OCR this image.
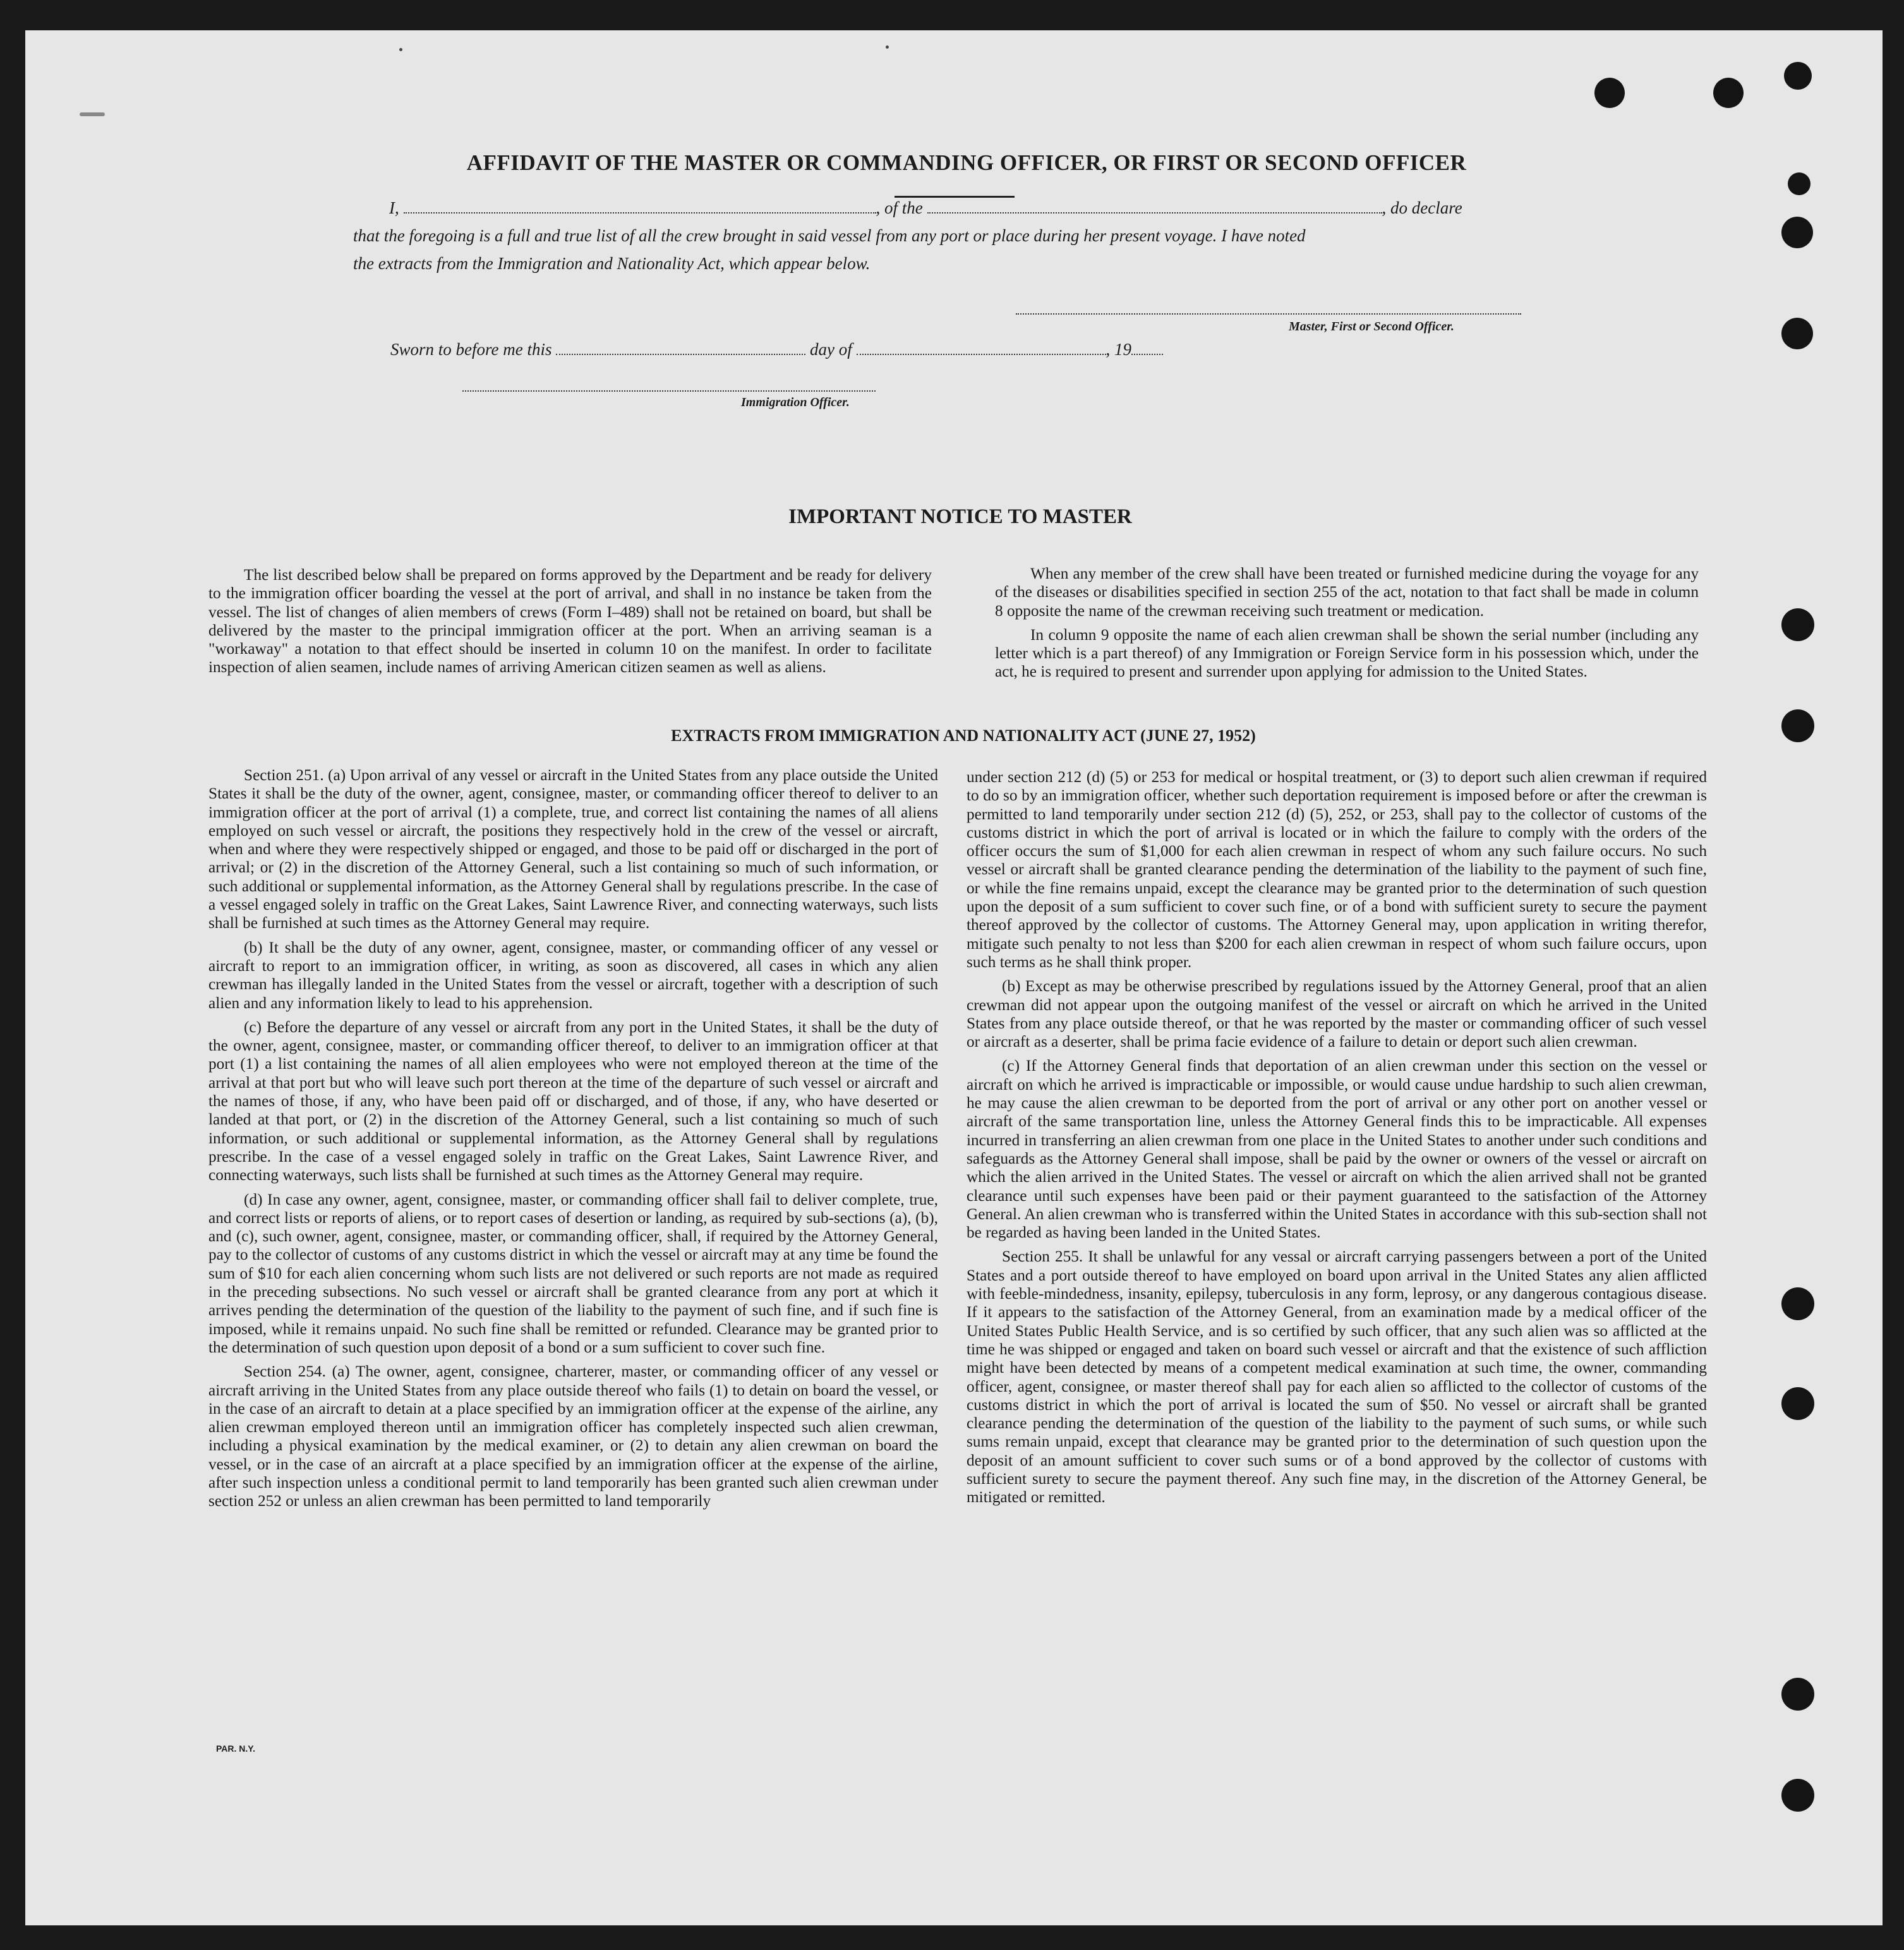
AFFIDAVIT OF THE MASTER OR COMMANDING OFFICER, OR FIRST OR SECOND OFFICER
I,	, of the	, do declare
that the foregoing is a full and true list of all the crew brought in said vessel from any port or place during her present voyage. I have noted
the extracts from the Immigration and Nationality Act, which appear below.
Master, First or Second Officer.
Sworn to before me this	day of	, 19
Immigration Officer.
IMPORTANT NOTICE TO MASTER

The list described below shall be prepared on forms approved by the Department and be ready for delivery to the immigration officer boarding the vessel at the port of arrival, and shall in no instance be taken from the vessel. The list of changes of alien members of crews (Form I–489) shall not be retained on board, but shall be delivered by the master to the principal immigration officer at the port. When an arriving seaman is a "workaway" a notation to that effect should be inserted in column 10 on the manifest. In order to facilitate inspection of alien seamen, include names of arriving American citizen seamen as well as aliens.

When any member of the crew shall have been treated or furnished medicine during the voyage for any of the diseases or disabilities specified in section 255 of the act, notation to that fact shall be made in column 8 opposite the name of the crewman receiving such treatment or medication.

In column 9 opposite the name of each alien crewman shall be shown the serial number (including any letter which is a part thereof) of any Immigration or Foreign Service form in his possession which, under the act, he is required to present and surrender upon applying for admission to the United States.

EXTRACTS FROM IMMIGRATION AND NATIONALITY ACT (JUNE 27, 1952)

Section 251. (a) Upon arrival of any vessel or aircraft in the United States from any place outside the United States it shall be the duty of the owner, agent, consignee, master, or commanding officer thereof to deliver to an immigration officer at the port of arrival (1) a complete, true, and correct list containing the names of all aliens employed on such vessel or aircraft, the positions they respectively hold in the crew of the vessel or aircraft, when and where they were respectively shipped or engaged, and those to be paid off or discharged in the port of arrival; or (2) in the discretion of the Attorney General, such a list containing so much of such information, or such additional or supplemental information, as the Attorney General shall by regulations prescribe. In the case of a vessel engaged solely in traffic on the Great Lakes, Saint Lawrence River, and connecting waterways, such lists shall be furnished at such times as the Attorney General may require.

(b) It shall be the duty of any owner, agent, consignee, master, or commanding officer of any vessel or aircraft to report to an immigration officer, in writing, as soon as discovered, all cases in which any alien crewman has illegally landed in the United States from the vessel or aircraft, together with a description of such alien and any information likely to lead to his apprehension.

(c) Before the departure of any vessel or aircraft from any port in the United States, it shall be the duty of the owner, agent, consignee, master, or commanding officer thereof, to deliver to an immigration officer at that port (1) a list containing the names of all alien employees who were not employed thereon at the time of the arrival at that port but who will leave such port thereon at the time of the departure of such vessel or aircraft and the names of those, if any, who have been paid off or discharged, and of those, if any, who have deserted or landed at that port, or (2) in the discretion of the Attorney General, such a list containing so much of such information, or such additional or supplemental information, as the Attorney General shall by regulations prescribe. In the case of a vessel engaged solely in traffic on the Great Lakes, Saint Lawrence River, and connecting waterways, such lists shall be furnished at such times as the Attorney General may require.

(d) In case any owner, agent, consignee, master, or commanding officer shall fail to deliver complete, true, and correct lists or reports of aliens, or to report cases of desertion or landing, as required by sub-sections (a), (b), and (c), such owner, agent, consignee, master, or commanding officer, shall, if required by the Attorney General, pay to the collector of customs of any customs district in which the vessel or aircraft may at any time be found the sum of $10 for each alien concerning whom such lists are not delivered or such reports are not made as required in the preceding subsections. No such vessel or aircraft shall be granted clearance from any port at which it arrives pending the determination of the question of the liability to the payment of such fine, and if such fine is imposed, while it remains unpaid. No such fine shall be remitted or refunded. Clearance may be granted prior to the determination of such question upon deposit of a bond or a sum sufficient to cover such fine.

Section 254. (a) The owner, agent, consignee, charterer, master, or commanding officer of any vessel or aircraft arriving in the United States from any place outside thereof who fails (1) to detain on board the vessel, or in the case of an aircraft to detain at a place specified by an immigration officer at the expense of the airline, any alien crewman employed thereon until an immigration officer has completely inspected such alien crewman, including a physical examination by the medical examiner, or (2) to detain any alien crewman on board the vessel, or in the case of an aircraft at a place specified by an immigration officer at the expense of the airline, after such inspection unless a conditional permit to land temporarily has been granted such alien crewman under section 252 or unless an alien crewman has been permitted to land temporarily

under section 212 (d) (5) or 253 for medical or hospital treatment, or (3) to deport such alien crewman if required to do so by an immigration officer, whether such deportation requirement is imposed before or after the crewman is permitted to land temporarily under section 212 (d) (5), 252, or 253, shall pay to the collector of customs of the customs district in which the port of arrival is located or in which the failure to comply with the orders of the officer occurs the sum of $1,000 for each alien crewman in respect of whom any such failure occurs. No such vessel or aircraft shall be granted clearance pending the determination of the liability to the payment of such fine, or while the fine remains unpaid, except the clearance may be granted prior to the determination of such question upon the deposit of a sum sufficient to cover such fine, or of a bond with sufficient surety to secure the payment thereof approved by the collector of customs. The Attorney General may, upon application in writing therefor, mitigate such penalty to not less than $200 for each alien crewman in respect of whom such failure occurs, upon such terms as he shall think proper.

(b) Except as may be otherwise prescribed by regulations issued by the Attorney General, proof that an alien crewman did not appear upon the outgoing manifest of the vessel or aircraft on which he arrived in the United States from any place outside thereof, or that he was reported by the master or commanding officer of such vessel or aircraft as a deserter, shall be prima facie evidence of a failure to detain or deport such alien crewman.

(c) If the Attorney General finds that deportation of an alien crewman under this section on the vessel or aircraft on which he arrived is impracticable or impossible, or would cause undue hardship to such alien crewman, he may cause the alien crewman to be deported from the port of arrival or any other port on another vessel or aircraft of the same transportation line, unless the Attorney General finds this to be impracticable. All expenses incurred in transferring an alien crewman from one place in the United States to another under such conditions and safeguards as the Attorney General shall impose, shall be paid by the owner or owners of the vessel or aircraft on which the alien arrived in the United States. The vessel or aircraft on which the alien arrived shall not be granted clearance until such expenses have been paid or their payment guaranteed to the satisfaction of the Attorney General. An alien crewman who is transferred within the United States in accordance with this sub-section shall not be regarded as having been landed in the United States.

Section 255. It shall be unlawful for any vessal or aircraft carrying passengers between a port of the United States and a port outside thereof to have employed on board upon arrival in the United States any alien afflicted with feeble-mindedness, insanity, epilepsy, tuberculosis in any form, leprosy, or any dangerous contagious disease. If it appears to the satisfaction of the Attorney General, from an examination made by a medical officer of the United States Public Health Service, and is so certified by such officer, that any such alien was so afflicted at the time he was shipped or engaged and taken on board such vessel or aircraft and that the existence of such affliction might have been detected by means of a competent medical examination at such time, the owner, commanding officer, agent, consignee, or master thereof shall pay for each alien so afflicted to the collector of customs of the customs district in which the port of arrival is located the sum of $50. No vessel or aircraft shall be granted clearance pending the determination of the question of the liability to the payment of such sums, or while such sums remain unpaid, except that clearance may be granted prior to the determination of such question upon the deposit of an amount sufficient to cover such sums or of a bond approved by the collector of customs with sufficient surety to secure the payment thereof. Any such fine may, in the discretion of the Attorney General, be mitigated or remitted.

PAR. N.Y.
